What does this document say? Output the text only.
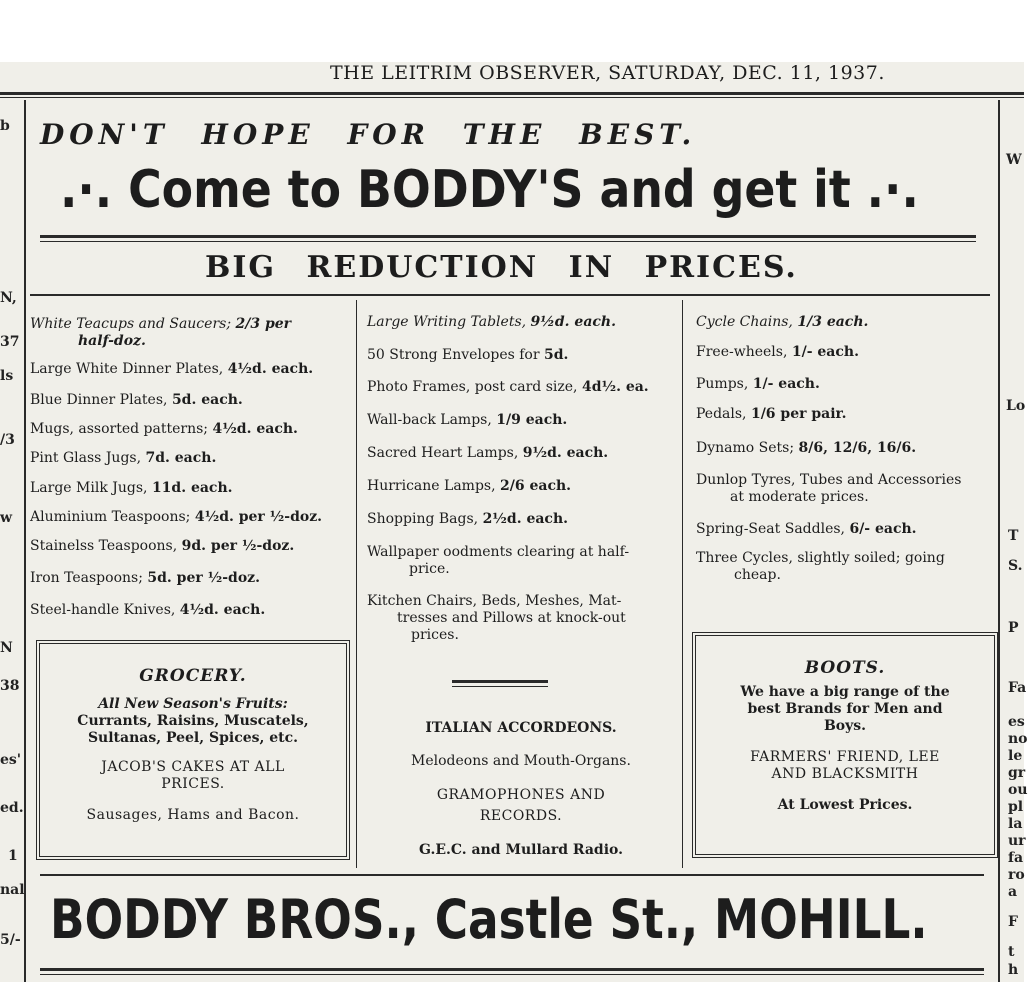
THE LEITRIM OBSERVER, SATURDAY, DEC. 11, 1937.
DON'T HOPE FOR THE BEST.
.·. Come to BODDY'S and get it .·.
BIG REDUCTION IN PRICES.
White Teacups and Saucers; 2/3 per
half-doz.
Large White Dinner Plates, 4½d. each.
Blue Dinner Plates, 5d. each.
Mugs, assorted patterns; 4½d. each.
Pint Glass Jugs, 7d. each.
Large Milk Jugs, 11d. each.
Aluminium Teaspoons; 4½d. per ½-doz.
Stainelss Teaspoons, 9d. per ½-doz.
Iron Teaspoons; 5d. per ½-doz.
Steel-handle Knives, 4½d. each.
Large Writing Tablets, 9½d. each.
50 Strong Envelopes for 5d.
Photo Frames, post card size, 4d½. ea.
Wall-back Lamps, 1/9 each.
Sacred Heart Lamps, 9½d. each.
Hurricane Lamps, 2/6 each.
Shopping Bags, 2½d. each.
Wallpaper oodments clearing at half-
price.
Kitchen Chairs, Beds, Meshes, Mat-
tresses and Pillows at knock-out
prices.
Cycle Chains, 1/3 each.
Free-wheels, 1/- each.
Pumps, 1/- each.
Pedals, 1/6 per pair.
Dynamo Sets; 8/6, 12/6, 16/6.
Dunlop Tyres, Tubes and Accessories
at moderate prices.
Spring-Seat Saddles, 6/- each.
Three Cycles, slightly soiled; going
cheap.
GROCERY.
All New Season's Fruits:
Currants, Raisins, Muscatels,
Sultanas, Peel, Spices, etc.
JACOB'S CAKES AT ALL
PRICES.
Sausages, Hams and Bacon.
ITALIAN ACCORDEONS.
Melodeons and Mouth-Organs.
GRAMOPHONES AND
RECORDS.
G.E.C. and Mullard Radio.
BOOTS.
We have a big range of the
best Brands for Men and
Boys.
FARMERS' FRIEND, LEE
AND BLACKSMITH
At Lowest Prices.
BODDY BROS., Castle St., MOHILL.
b
N,
37
ls
/3
w
N
38
es'
ed.
1
nal
5/-
W
Lo
T
S.
P
Fa
es
no
le
gr
ou
pl
la
ur
fa
ro
a
F
t
h
